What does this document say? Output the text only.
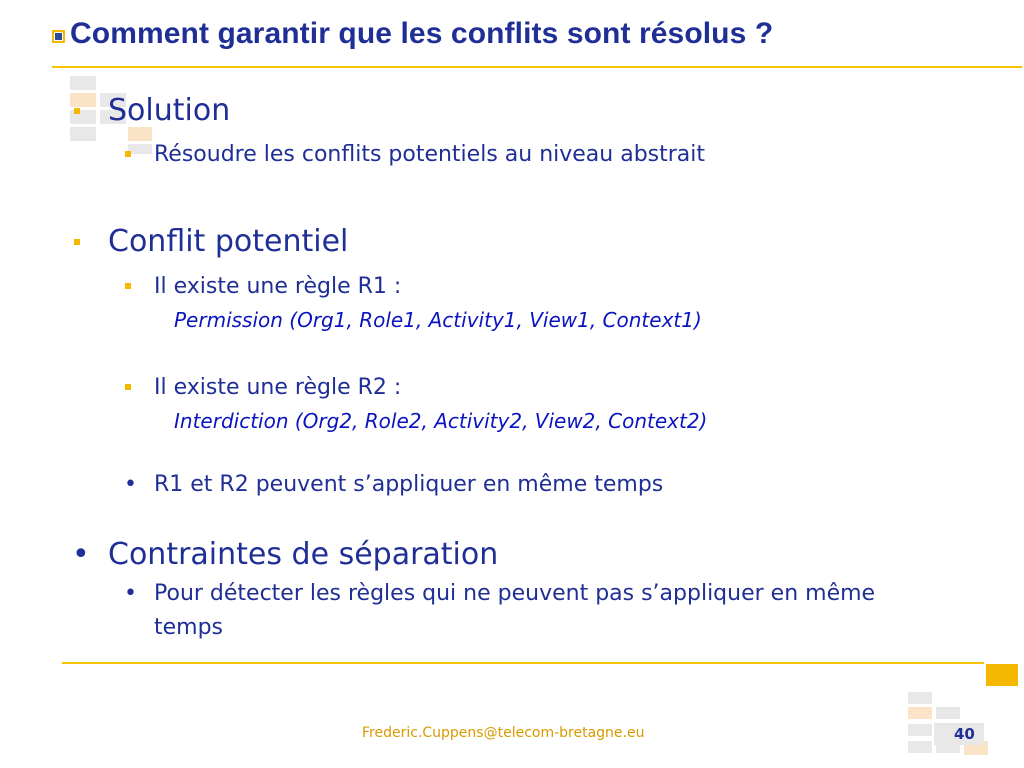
Comment garantir que les conflits sont résolus ?
Solution
Résoudre les conflits potentiels au niveau abstrait
Conflit potentiel
Il existe une règle R1 :
Permission (Org1, Role1, Activity1, View1, Context1)
Il existe une règle R2 :
Interdiction (Org2, Role2, Activity2, View2, Context2)
• R1 et R2 peuvent s’appliquer en même temps
• Contraintes de séparation
• Pour détecter les règles qui ne peuvent pas s’appliquer en même
temps
Frederic.Cuppens@telecom-bretagne.eu	40
